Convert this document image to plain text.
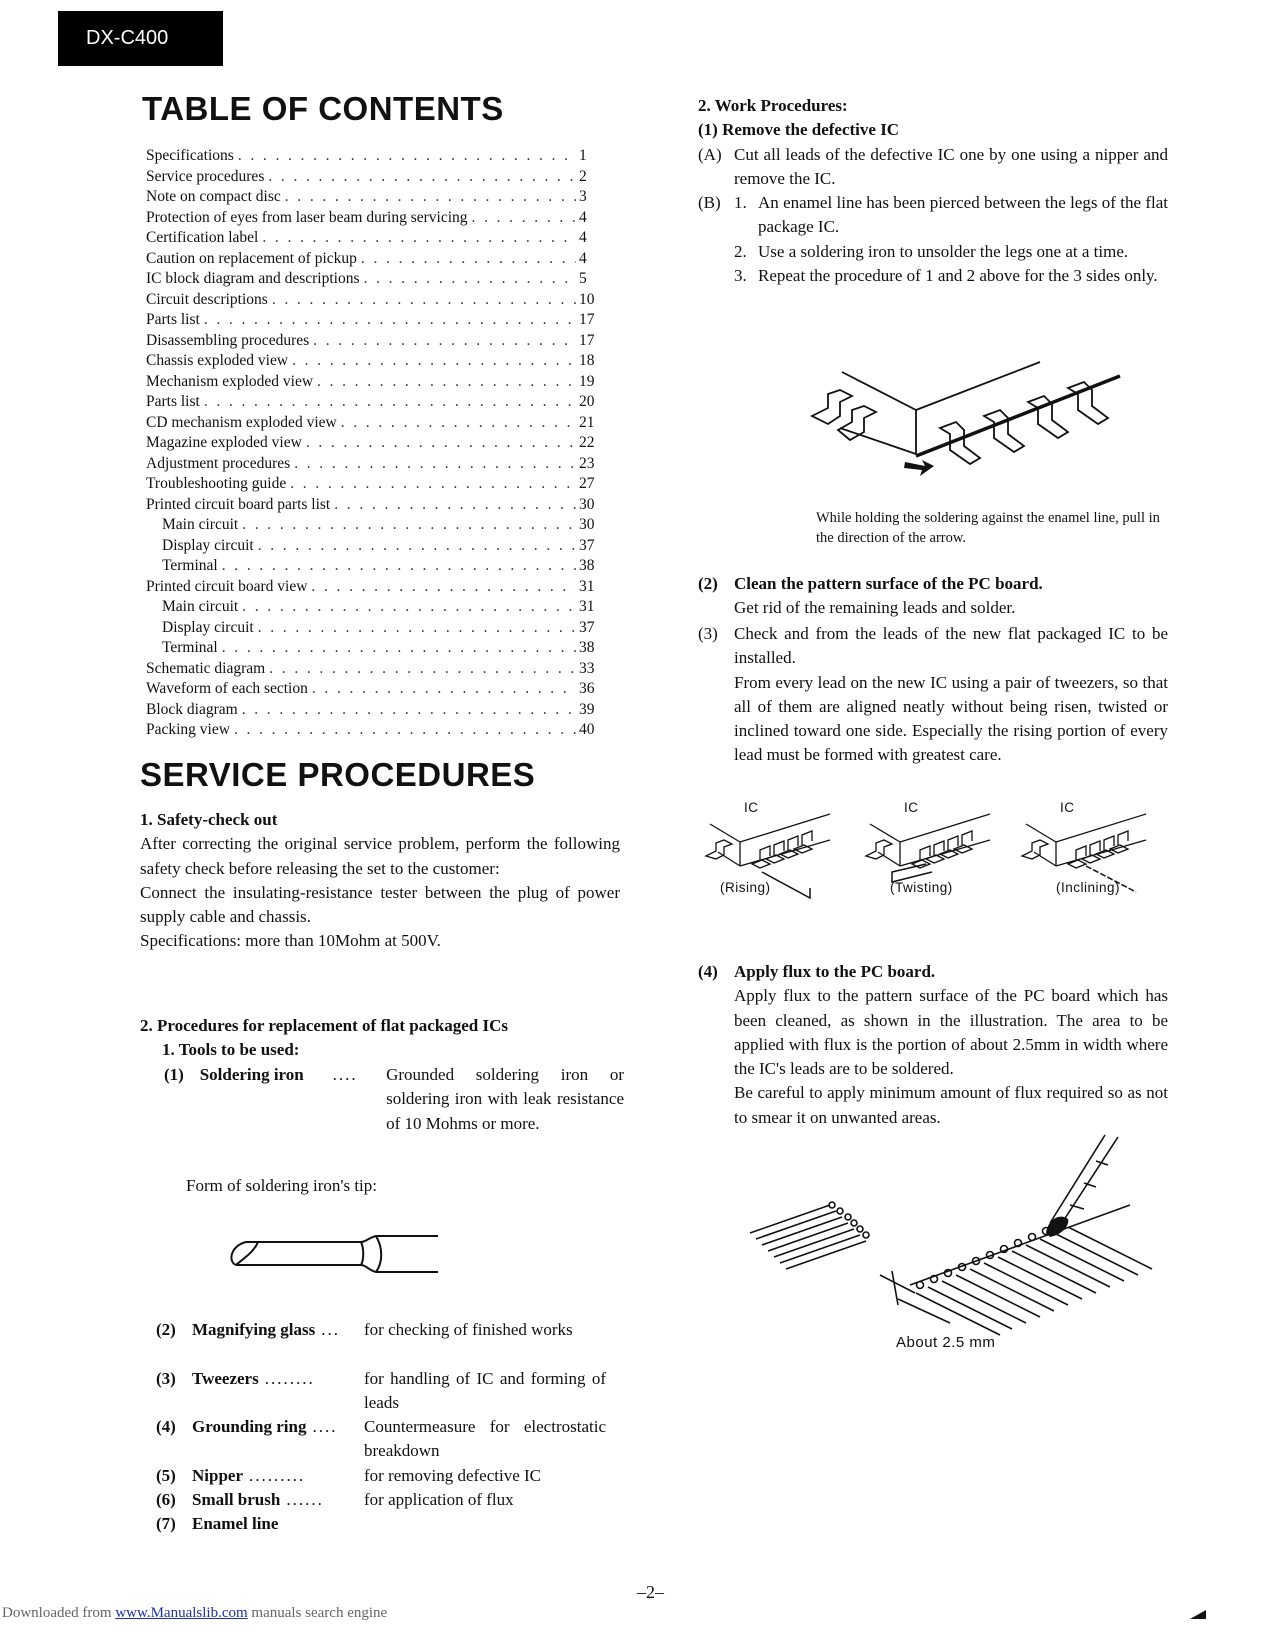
DX-C400
TABLE OF CONTENTS
Specifications . . .	1
Service procedures . . .	2
Note on compact disc . . .	3
Protection of eyes from laser beam during servicing . . .	4
Certification label . . .	4
Caution on replacement of pickup . . .	4
IC block diagram and descriptions . . .	5
Circuit descriptions . . .	10
Parts list . . .	17
Disassembling procedures . . .	17
Chassis exploded view . . .	18
Mechanism exploded view . . .	19
Parts list . . .	20
CD mechanism exploded view . . .	21
Magazine exploded view . . .	22
Adjustment procedures . . .	23
Troubleshooting guide . . .	27
Printed circuit board parts list . . .	30
Main circuit . . .	30
Display circuit . . .	37
Terminal . . .	38
Printed circuit board view . . .	31
Main circuit . . .	31
Display circuit . . .	37
Terminal . . .	38
Schematic diagram . . .	33
Waveform of each section . . .	36
Block diagram . . .	39
Packing view . . .	40
SERVICE PROCEDURES
1. Safety-check out
After correcting the original service problem, perform the following safety check before releasing the set to the customer:
Connect the insulating-resistance tester between the plug of power supply cable and chassis.
Specifications: more than 10Mohm at 500V.
2. Procedures for replacement of flat packaged ICs
1. Tools to be used:
(1) Soldering iron	....	Grounded soldering iron or soldering iron with leak resistance of 10 Mohms or more.
Form of soldering iron's tip:
(2) Magnifying glass ... for checking of finished works
(3) Tweezers ........	for handling of IC and forming of leads
(4) Grounding ring .... Countermeasure for electrostatic breakdown
(5) Nipper .........	for removing defective IC
(6) Small brush ...... for application of flux
(7) Enamel line
2. Work Procedures:
(1) Remove the defective IC
(A) Cut all leads of the defective IC one by one using a nipper and remove the IC.
(B) 1. An enamel line has been pierced between the legs of the flat package IC.
2. Use a soldering iron to unsolder the legs one at a time.
3. Repeat the procedure of 1 and 2 above for the 3 sides only.
While holding the soldering against the enamel line, pull in the direction of the arrow.
(2) Clean the pattern surface of the PC board.
Get rid of the remaining leads and solder.
(3) Check and from the leads of the new flat packaged IC to be installed.
From every lead on the new IC using a pair of tweezers, so that all of them are aligned neatly without being risen, twisted or inclined toward one side. Especially the rising portion of every lead must be formed with greatest care.
IC
(Rising)
IC
(Twisting)
IC
(Inclining)
(4) Apply flux to the PC board.
Apply flux to the pattern surface of the PC board which has been cleaned, as shown in the illustration. The area to be applied with flux is the portion of about 2.5mm in width where the IC's leads are to be soldered.
Be careful to apply minimum amount of flux required so as not to smear it on unwanted areas.
About 2.5 mm
–2–
Downloaded from www.Manualslib.com manuals search engine
